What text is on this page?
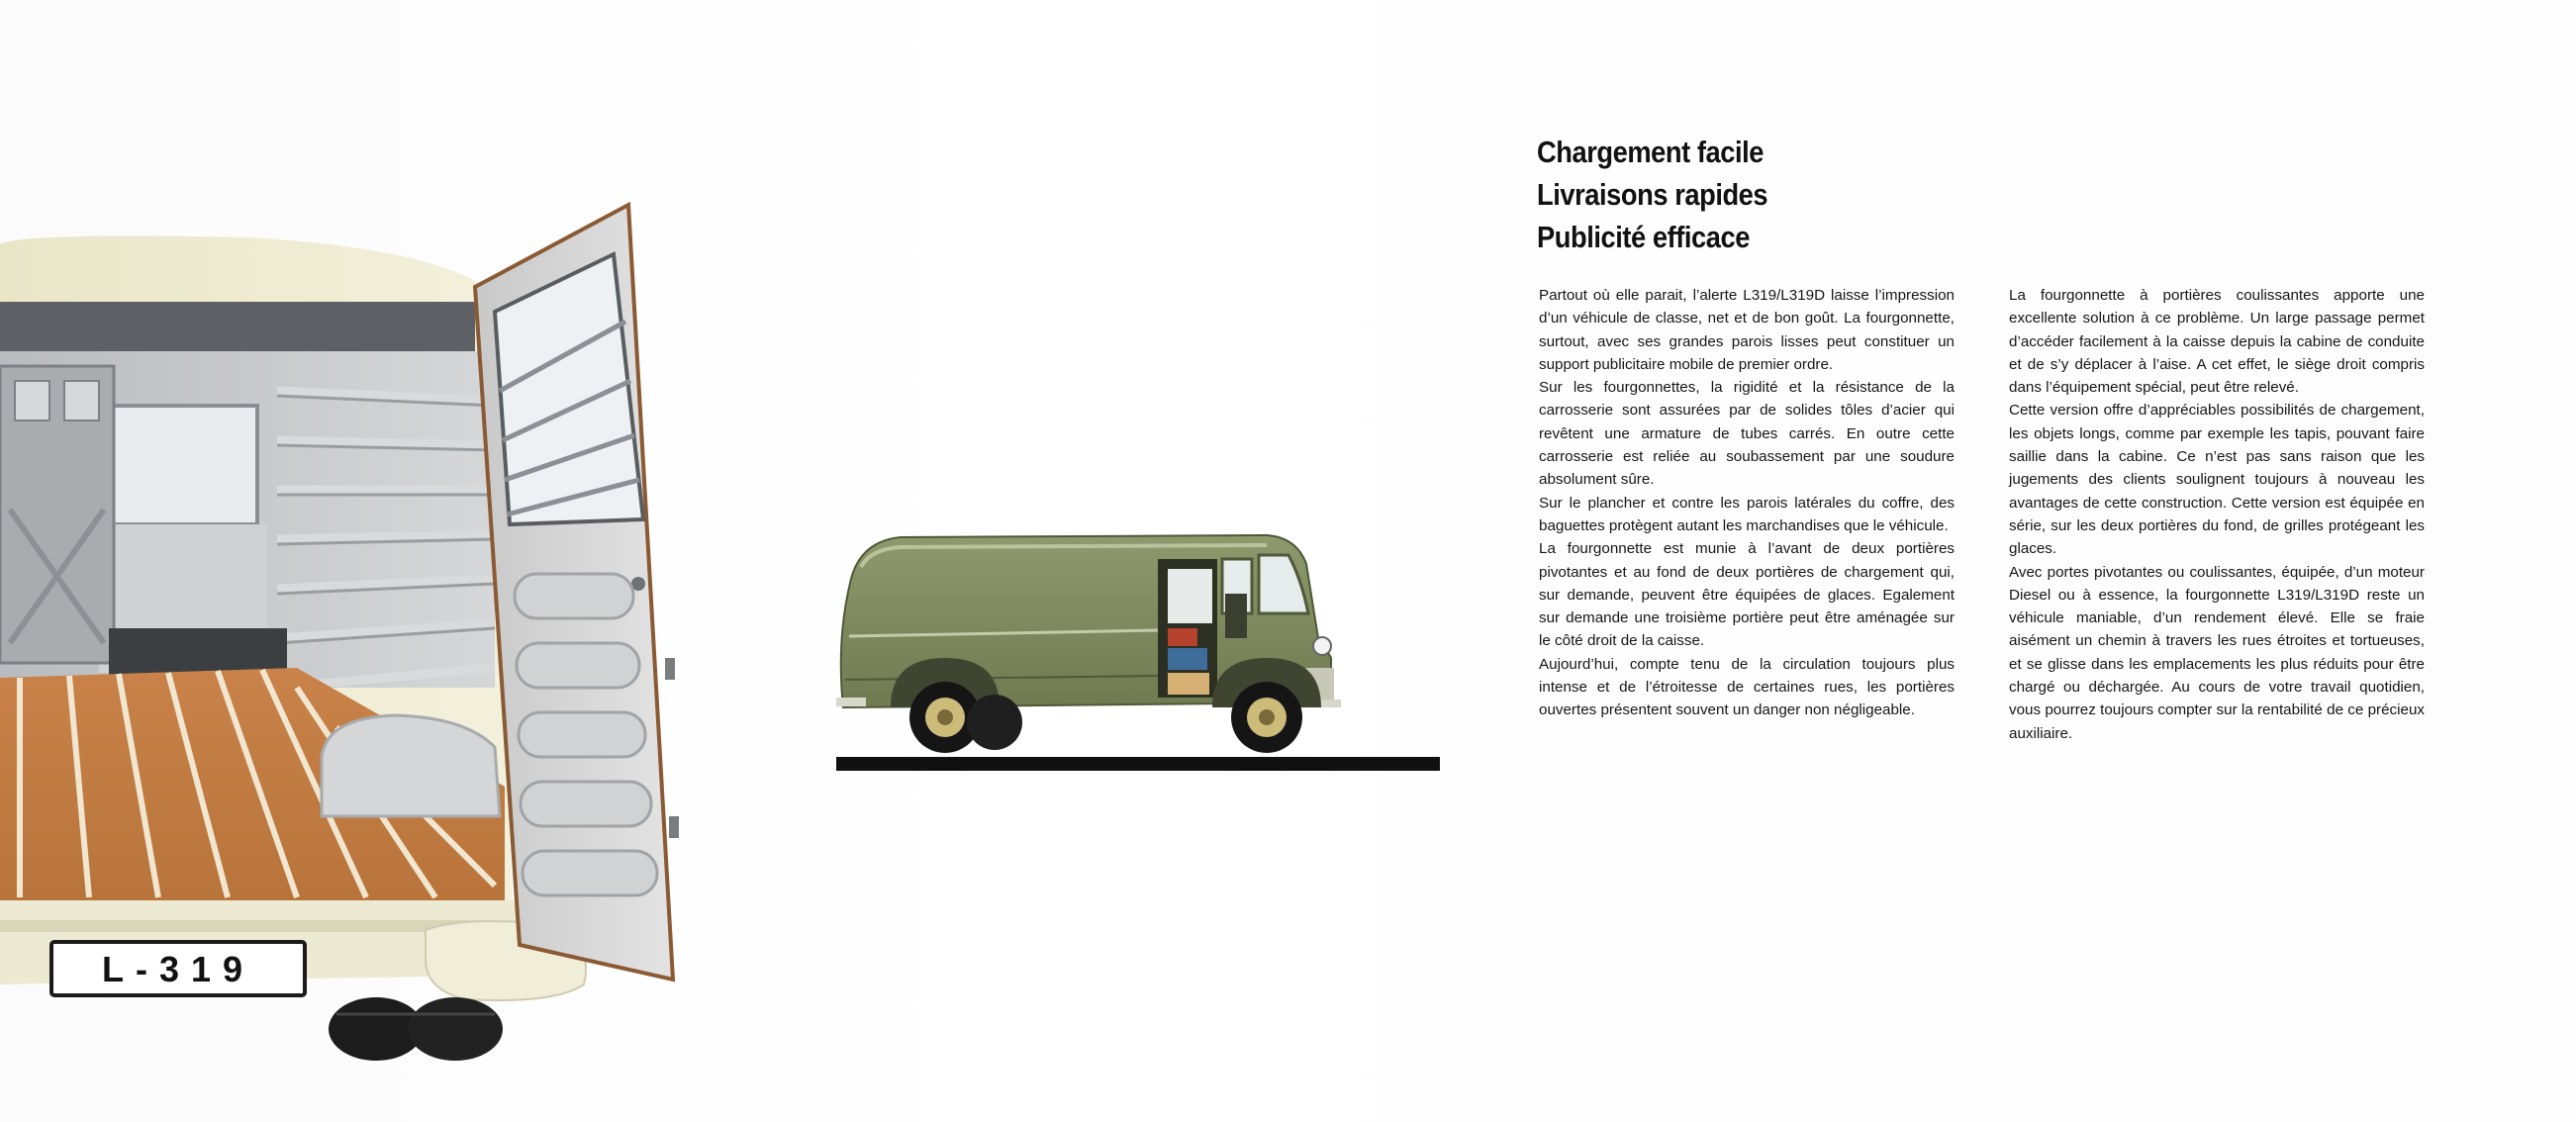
L-319
Chargement facile
Livraisons rapides
Publicité efficace

Partout où elle parait, l’alerte L319/L319D laisse l’impression d’un véhicule de classe, net et de bon goût. La fourgonnette, surtout, avec ses grandes parois lisses peut constituer un support publicitaire mobile de premier ordre.

Sur les fourgonnettes, la rigidité et la résistance de la carrosserie sont assurées par de solides tôles d’acier qui revêtent une armature de tubes carrés. En outre cette carrosserie est reliée au soubassement par une soudure absolument sûre.

Sur le plancher et contre les parois latérales du coffre, des baguettes protègent autant les marchandises que le véhicule.

La fourgonnette est munie à l’avant de deux portières pivotantes et au fond de deux portières de chargement qui, sur demande, peuvent être équipées de glaces. Egalement sur demande une troisième portière peut être aménagée sur le côté droit de la caisse.

Aujourd’hui, compte tenu de la circulation toujours plus intense et de l’étroitesse de certaines rues, les portières ouvertes présentent souvent un danger non négligeable.

La fourgonnette à portières coulissantes apporte une excellente solution à ce problème. Un large passage permet d’accéder facilement à la caisse depuis la cabine de conduite et de s’y déplacer à l’aise. A cet effet, le siège droit compris dans l’équipement spécial, peut être relevé.

Cette version offre d’appréciables possibilités de chargement, les objets longs, comme par exemple les tapis, pouvant faire saillie dans la cabine. Ce n’est pas sans raison que les jugements des clients soulignent toujours à nouveau les avantages de cette construction. Cette version est équipée en série, sur les deux portières du fond, de grilles protégeant les glaces.

Avec portes pivotantes ou coulissantes, équipée, d’un moteur Diesel ou à essence, la fourgonnette L319/L319D reste un véhicule maniable, d’un rendement élevé. Elle se fraie aisément un chemin à travers les rues étroites et tortueuses, et se glisse dans les emplacements les plus réduits pour être chargé ou déchargée. Au cours de votre travail quotidien, vous pourrez toujours compter sur la rentabilité de ce précieux auxiliaire.
